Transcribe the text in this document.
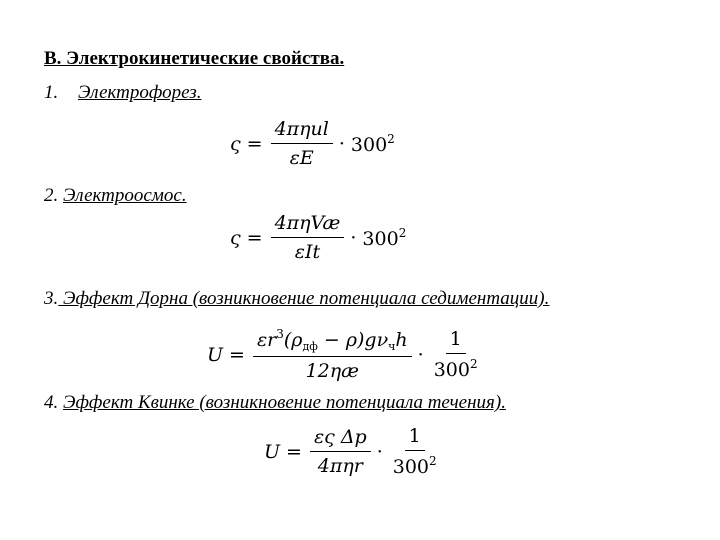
В. Электрокинетические свойства.
1. Электрофорез.
$\varsigma = \frac{\text{4πηul}}{\varepsilon E} \cdot 300^2$
2. Электроосмос.
$\varsigma = \frac{\text{4πηVæ}}{\text{εIt}} \cdot 300^2$
3. Эффект Дорна (возникновение потенциала седиментации).
$U = \frac{\varepsilon r^3(\rho_{дф} - \rho)g\nu_чh}{12\eta æ} \cdot \frac{1}{300^2}$
4. Эффект Квинке (возникновение потенциала течения).
$U = \frac{\text{ες Δp}}{\text{4πηr}} \cdot \frac{1}{300^2}$
